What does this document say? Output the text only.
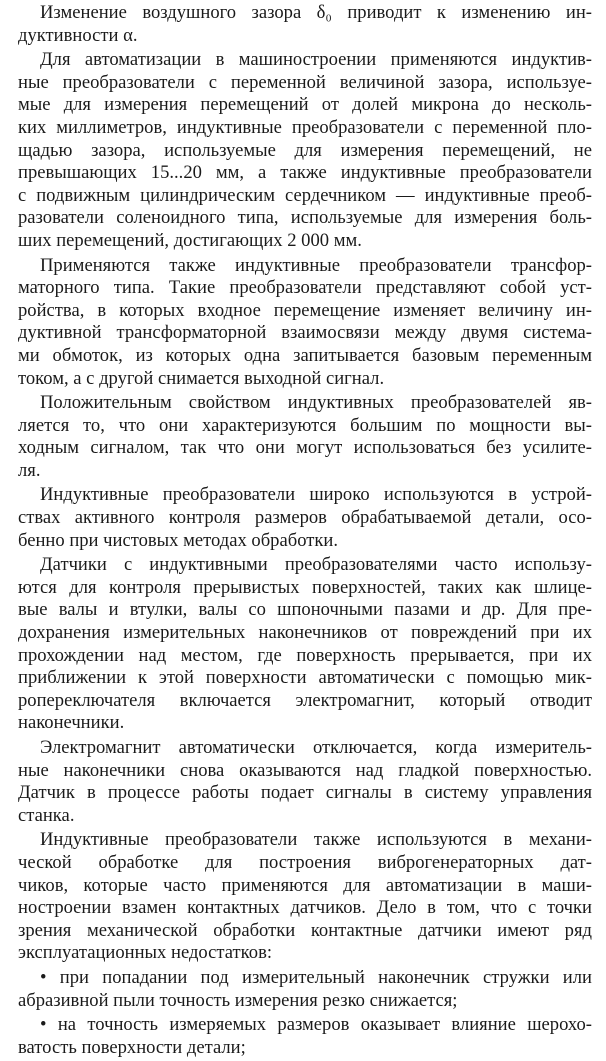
Изменение воздушного зазора δ₀ приводит к изменению ин-
дуктивности α.
Для автоматизации в машиностроении применяются индуктив-
ные преобразователи с переменной величиной зазора, используе-
мые для измерения перемещений от долей микрона до несколь-
ких миллиметров, индуктивные преобразователи с переменной пло-
щадью зазора, используемые для измерения перемещений, не
превышающих 15...20 мм, а также индуктивные преобразователи
с подвижным цилиндрическим сердечником — индуктивные преоб-
разователи соленоидного типа, используемые для измерения боль-
ших перемещений, достигающих 2 000 мм.
Применяются также индуктивные преобразователи трансфор-
маторного типа. Такие преобразователи представляют собой уст-
ройства, в которых входное перемещение изменяет величину ин-
дуктивной трансформаторной взаимосвязи между двумя система-
ми обмоток, из которых одна запитывается базовым переменным
током, а с другой снимается выходной сигнал.
Положительным свойством индуктивных преобразователей яв-
ляется то, что они характеризуются большим по мощности вы-
ходным сигналом, так что они могут использоваться без усилите-
ля.
Индуктивные преобразователи широко используются в устрой-
ствах активного контроля размеров обрабатываемой детали, осо-
бенно при чистовых методах обработки.
Датчики с индуктивными преобразователями часто использу-
ются для контроля прерывистых поверхностей, таких как шлице-
вые валы и втулки, валы со шпоночными пазами и др. Для пре-
дохранения измерительных наконечников от повреждений при их
прохождении над местом, где поверхность прерывается, при их
приближении к этой поверхности автоматически с помощью мик-
ропереключателя включается электромагнит, который отводит
наконечники.
Электромагнит автоматически отключается, когда измеритель-
ные наконечники снова оказываются над гладкой поверхностью.
Датчик в процессе работы подает сигналы в систему управления
станка.
Индуктивные преобразователи также используются в механи-
ческой обработке для построения виброгенераторных дат-
чиков, которые часто применяются для автоматизации в маши-
ностроении взамен контактных датчиков. Дело в том, что с точки
зрения механической обработки контактные датчики имеют ряд
эксплуатационных недостатков:
• при попадании под измерительный наконечник стружки или
абразивной пыли точность измерения резко снижается;
• на точность измеряемых размеров оказывает влияние шерохо-
ватость поверхности детали;
